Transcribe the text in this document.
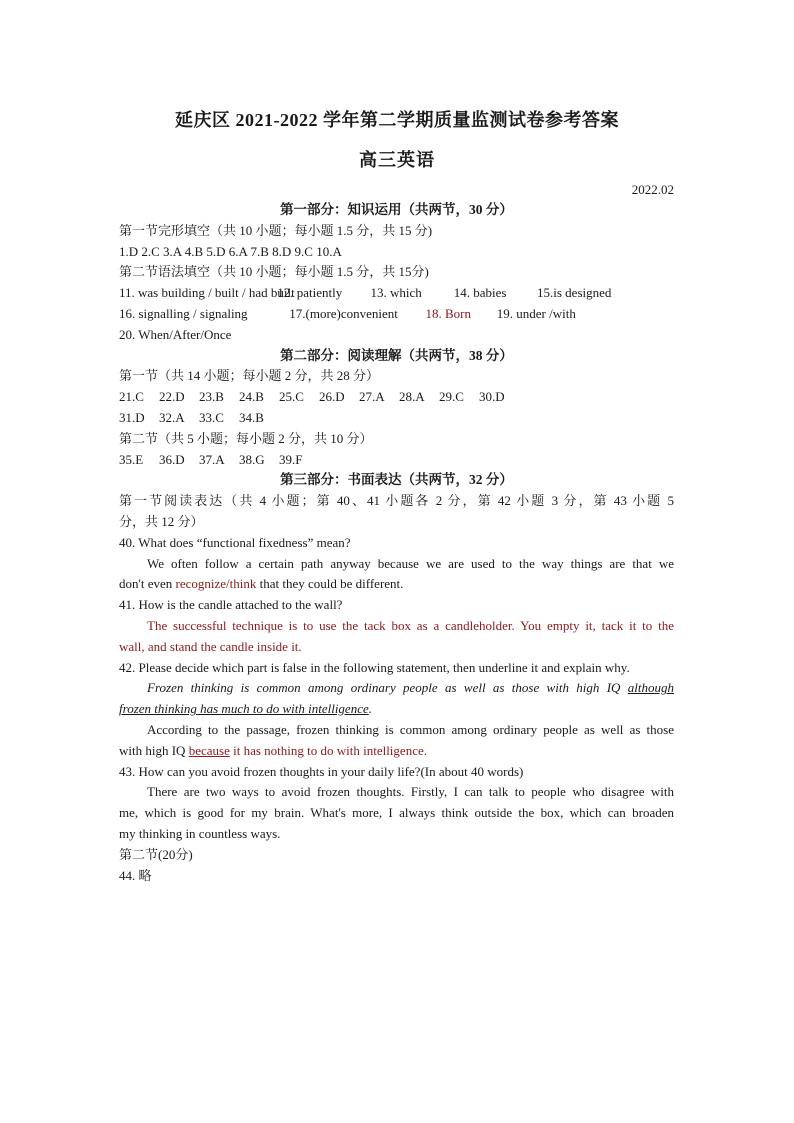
延庆区 2021-2022 学年第二学期质量监测试卷参考答案
高三英语
2022.02
第一部分：知识运用（共两节，30 分）
第一节完形填空（共 10 小题；每小题 1.5 分，共 15 分)
1.D 2.C 3.A 4.B 5.D 6.A 7.B 8.D 9.C 10.A
第二节语法填空（共 10 小题；每小题 1.5 分，共 15分)
11. was building / built / had built 12. patiently 13. which 14. babies 15.is designed
16. signalling / signaling	17.(more)convenient 18. Born 19. under /with
20. When/After/Once
第二部分：阅读理解（共两节，38 分）
第一节（共 14 小题；每小题 2 分，共 28 分）
21.C 22.D 23.B 24.B 25.C 26.D 27.A 28.A 29.C 30.D
31.D 32.A 33.C 34.B
第二节（共 5 小题；每小题 2 分，共 10 分）
35.E 36.D 37.A 38.G 39.F
第三部分：书面表达（共两节，32 分）
第一节阅读表达（共 4 小题；第 40、41 小题各 2 分，第 42 小题 3 分，第 43 小题 5
分，共 12 分）
40. What does “functional fixedness” mean?
We often follow a certain path anyway because we are used to the way things are that we
don't even recognize/think that they could be different.
41. How is the candle attached to the wall?
The successful technique is to use the tack box as a candleholder. You empty it, tack it to the
wall, and stand the candle inside it.
42. Please decide which part is false in the following statement, then underline it and explain why.
Frozen thinking is common among ordinary people as well as those with high IQ although
frozen thinking has much to do with intelligence.
According to the passage, frozen thinking is common among ordinary people as well as those
with high IQ because it has nothing to do with intelligence.
43. How can you avoid frozen thoughts in your daily life?(In about 40 words)
There are two ways to avoid frozen thoughts. Firstly, I can talk to people who disagree with
me, which is good for my brain. What's more, I always think outside the box, which can broaden
my thinking in countless ways.
第二节(20分)
44. 略
